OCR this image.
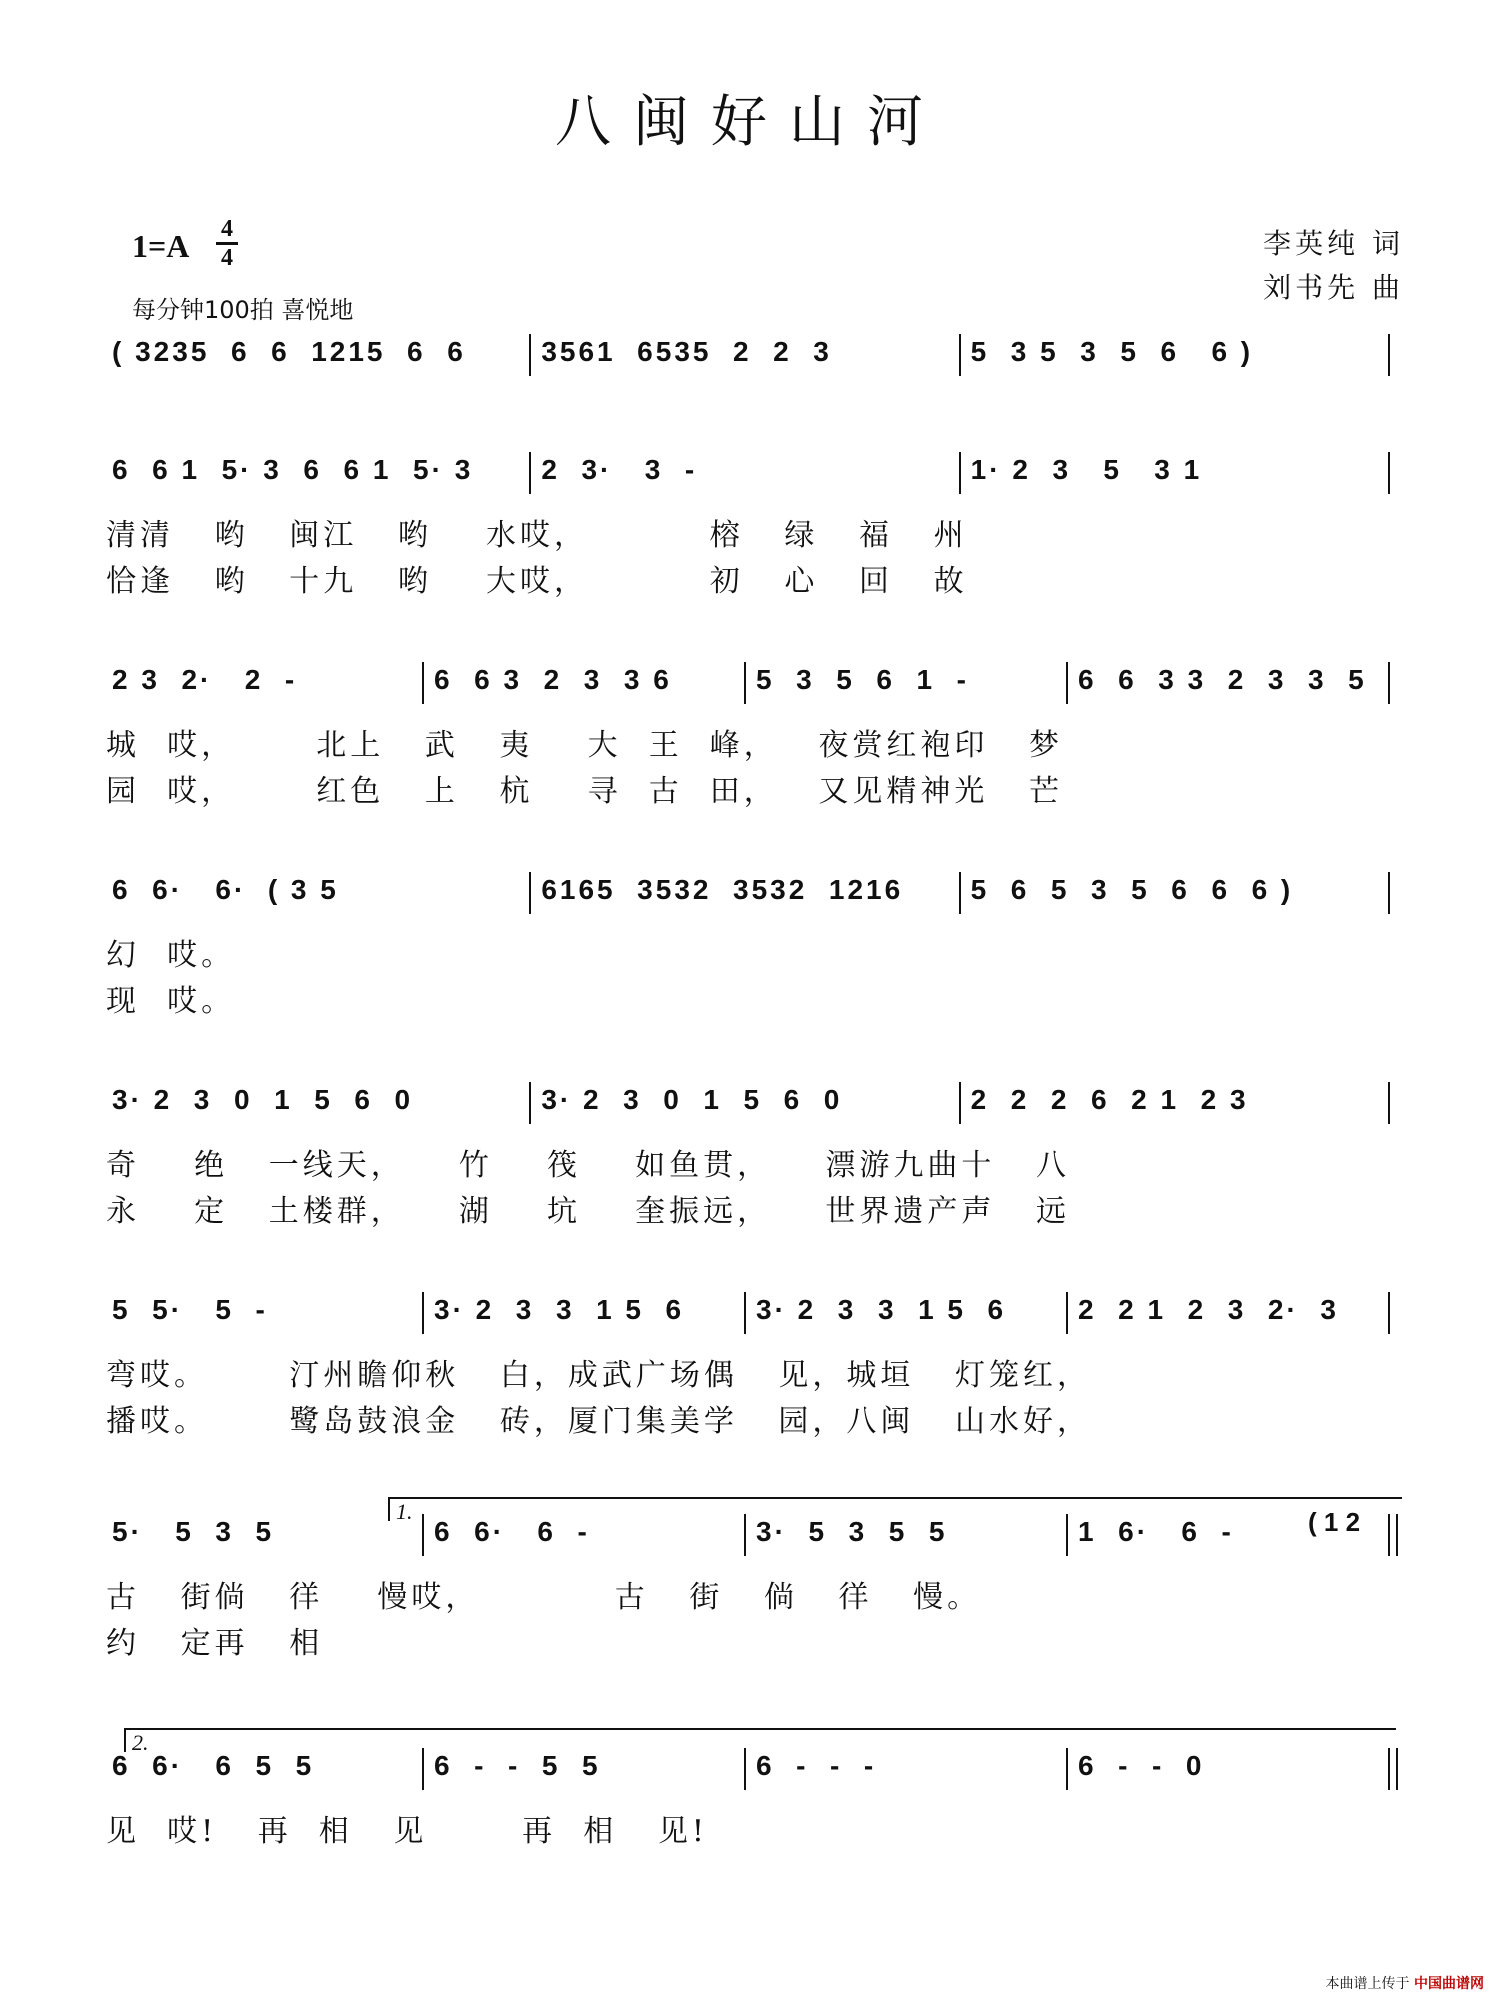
八闽好山河
1=A 4
4
每分钟100拍 喜悦地
李英纯 词
刘书先 曲
( 3235  6  6  1215  6  6	3561  6535  2  2  3	5  3 5  3  5  6   6 )
6  6 1  5· 3  6  6 1  5· 3 2  3·   3  -	1· 2  3   5   3 1
清清   哟   闽江   哟    水哎，         榕   绿   福   州
恰逢   哟   十九   哟    大哎，         初   心   回   故
2 3  2·   2  -	6  6 3  2  3  3 6	5  3  5  6  1  -	6  6  3 3  2  3  3  5
城  哎，      北上   武   夷    大  王  峰，   夜赏红袍印   梦
园  哎，      红色   上   杭    寻  古  田，   又见精神光   芒
6  6·   6·  ( 3 5	6165  3532  3532  1216 5  6  5  3  5  6  6  6 )
幻  哎。
现  哎。
3· 2  3  0  1  5  6  0	3· 2  3  0  1  5  6  0	2  2  2  6  2 1  2 3
奇    绝   一线天，    竹    筏    如鱼贯，    漂游九曲十   八
永    定   土楼群，    湖    坑    奎振远，    世界遗产声   远
5  5·   5  -	3· 2  3  3  1 5  6	3· 2  3  3  1 5  6	2  2 1  2  3  2·  3
弯哎。      汀州瞻仰秋   白，成武广场偶   见，城垣   灯笼红，
播哎。      鹭岛鼓浪金   砖，厦门集美学   园，八闽   山水好，
5·   5  3  5	6  6·   6  -	3·  5  3  5  5	1  6·   6  -
古   街倘   徉    慢哎，          古   街   倘   徉   慢。
约   定再   相
6  6·   6  5  5	6  -  -  5  5	6  -  -  -	6  -  -  0
见  哎!   再  相   见       再  相   见!
1.
2.
( 1 2
本曲谱上传于 中国曲谱网
